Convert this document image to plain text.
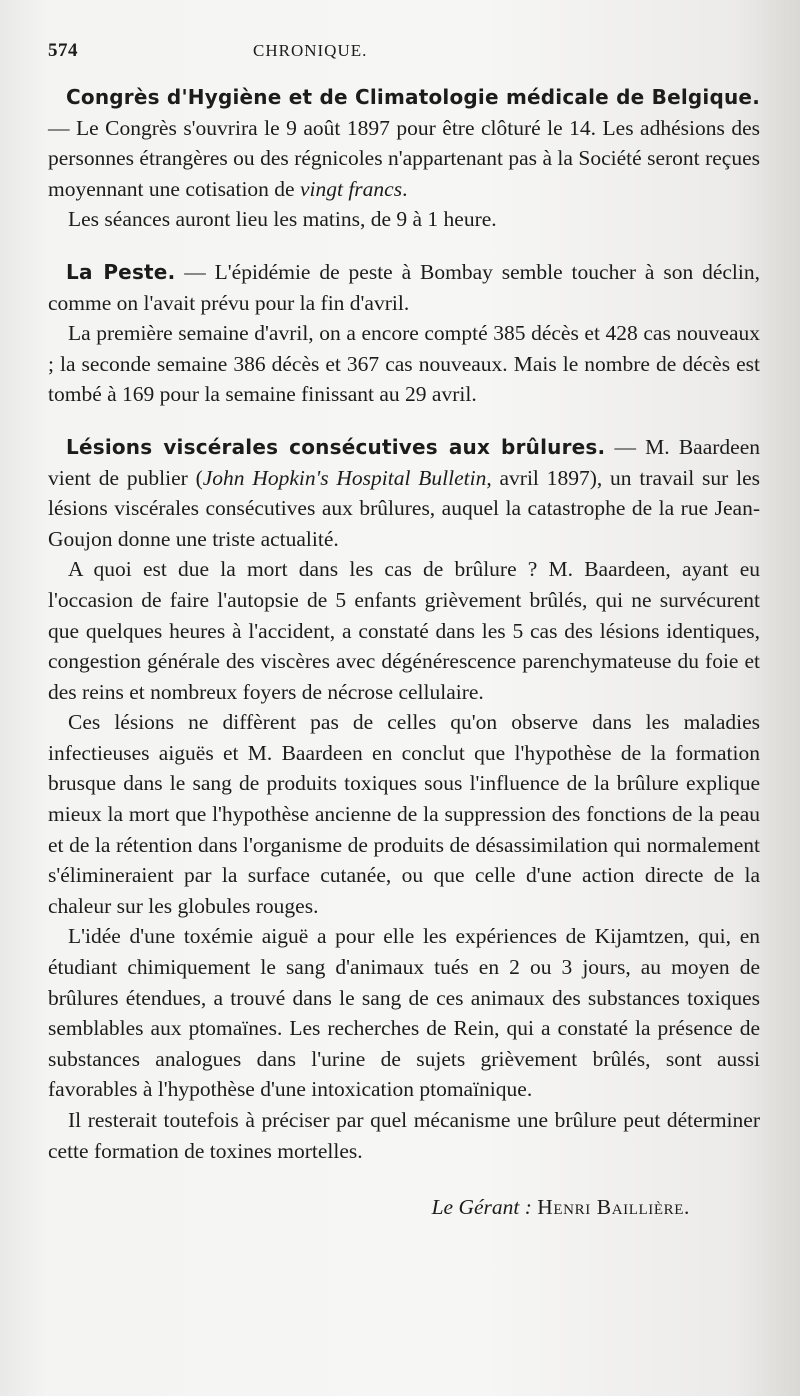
574	CHRONIQUE.

Congrès d'Hygiène et de Climatologie médicale de Belgique. — Le Congrès s'ouvrira le 9 août 1897 pour être clôturé le 14. Les adhésions des personnes étrangères ou des régnicoles n'appartenant pas à la Société seront reçues moyennant une cotisation de vingt francs.

Les séances auront lieu les matins, de 9 à 1 heure.

La Peste. — L'épidémie de peste à Bombay semble toucher à son déclin, comme on l'avait prévu pour la fin d'avril.

La première semaine d'avril, on a encore compté 385 décès et 428 cas nouveaux ; la seconde semaine 386 décès et 367 cas nouveaux. Mais le nombre de décès est tombé à 169 pour la semaine finissant au 29 avril.

Lésions viscérales consécutives aux brûlures. — M. Baardeen vient de publier (John Hopkin's Hospital Bulletin, avril 1897), un travail sur les lésions viscérales consécutives aux brûlures, auquel la catastrophe de la rue Jean-Goujon donne une triste actualité.

A quoi est due la mort dans les cas de brûlure ? M. Baardeen, ayant eu l'occasion de faire l'autopsie de 5 enfants grièvement brûlés, qui ne survécurent que quelques heures à l'accident, a constaté dans les 5 cas des lésions identiques, congestion générale des viscères avec dégénérescence parenchymateuse du foie et des reins et nombreux foyers de nécrose cellulaire.

Ces lésions ne diffèrent pas de celles qu'on observe dans les maladies infectieuses aiguës et M. Baardeen en conclut que l'hypothèse de la formation brusque dans le sang de produits toxiques sous l'influence de la brûlure explique mieux la mort que l'hypothèse ancienne de la suppression des fonctions de la peau et de la rétention dans l'organisme de produits de désassimilation qui normalement s'élimineraient par la surface cutanée, ou que celle d'une action directe de la chaleur sur les globules rouges.

L'idée d'une toxémie aiguë a pour elle les expériences de Kijamtzen, qui, en étudiant chimiquement le sang d'animaux tués en 2 ou 3 jours, au moyen de brûlures étendues, a trouvé dans le sang de ces animaux des substances toxiques semblables aux ptomaïnes. Les recherches de Rein, qui a constaté la présence de substances analogues dans l'urine de sujets grièvement brûlés, sont aussi favorables à l'hypothèse d'une intoxication ptomaïnique.

Il resterait toutefois à préciser par quel mécanisme une brûlure peut déterminer cette formation de toxines mortelles.

Le Gérant : Henri Baillière.
